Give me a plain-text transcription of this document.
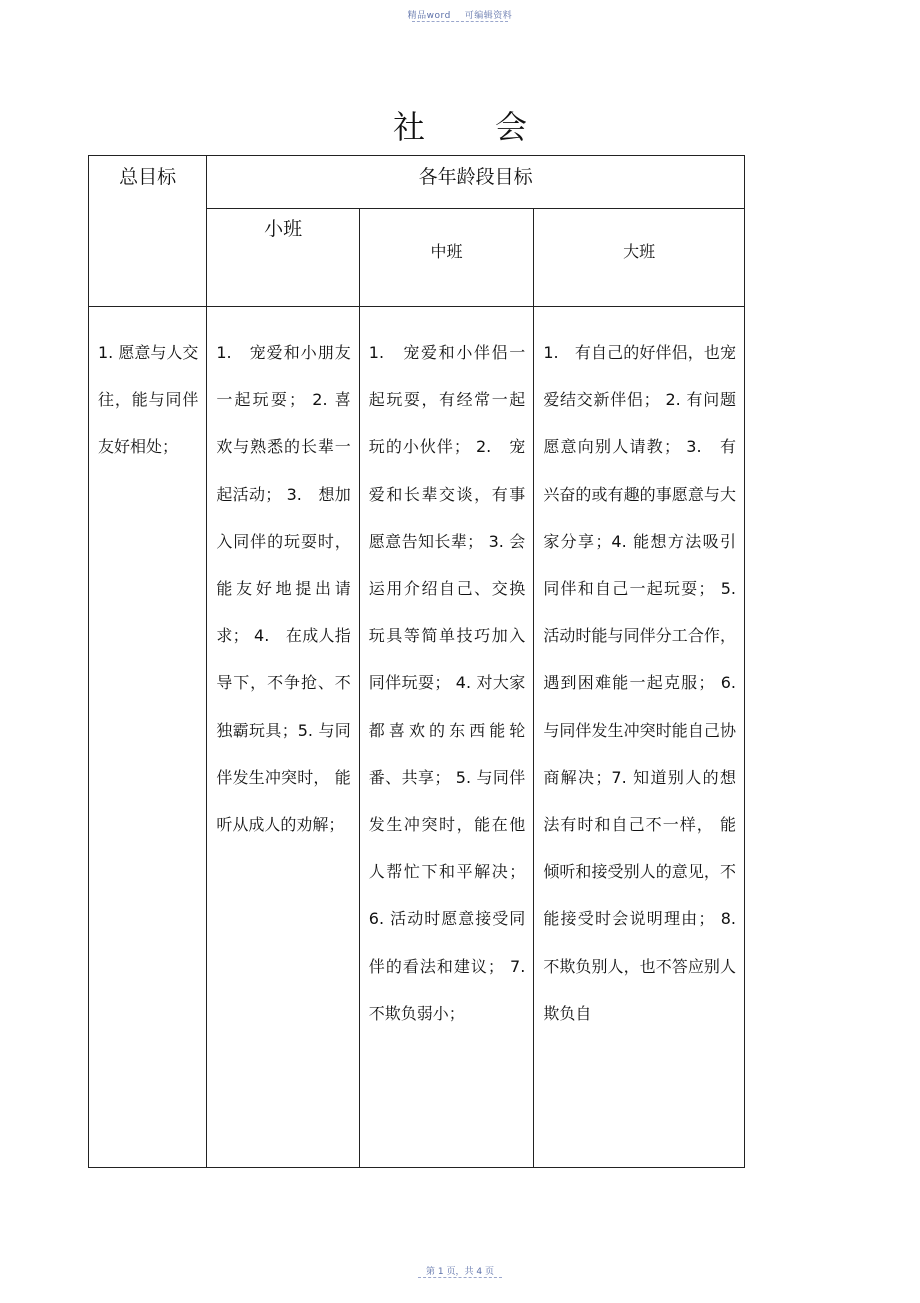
精品word 可编辑资料
社会
总目标	各年龄段目标		
	小班	中班	大班

1. 愿意与人交往，能与同伴友好相处；	1.　宠爱和小朋友一起玩耍； 2. 喜欢与熟悉的长辈一起活动； 3.　想加入同伴的玩耍时， 能友好地提出请求； 4.　在成人指导下，不争抢、不独霸玩具；5. 与同伴发生冲突时， 能听从成人的劝解；	1.　宠爱和小伴侣一起玩耍，有经常一起玩的小伙伴； 2.　宠爱和长辈交谈，有事愿意告知长辈； 3. 会运用介绍自己、交换玩具等简单技巧加入同伴玩耍； 4. 对大家都喜欢的东西能轮番、共享； 5. 与同伴发生冲突时，能在他人帮忙下和平解决； 6. 活动时愿意接受同伴的看法和建议； 7. 不欺负弱小；	1.　有自己的好伴侣，也宠爱结交新伴侣； 2. 有问题愿意向别人请教； 3.　有兴奋的或有趣的事愿意与大家分享；4. 能想方法吸引同伴和自己一起玩耍； 5. 活动时能与同伴分工合作，遇到困难能一起克服； 6. 与同伴发生冲突时能自己协商解决；7. 知道别人的想法有时和自己不一样， 能倾听和接受别人的意见，不能接受时会说明理由； 8. 不欺负别人，也不答应别人欺负自
第 1 页，共 4 页
